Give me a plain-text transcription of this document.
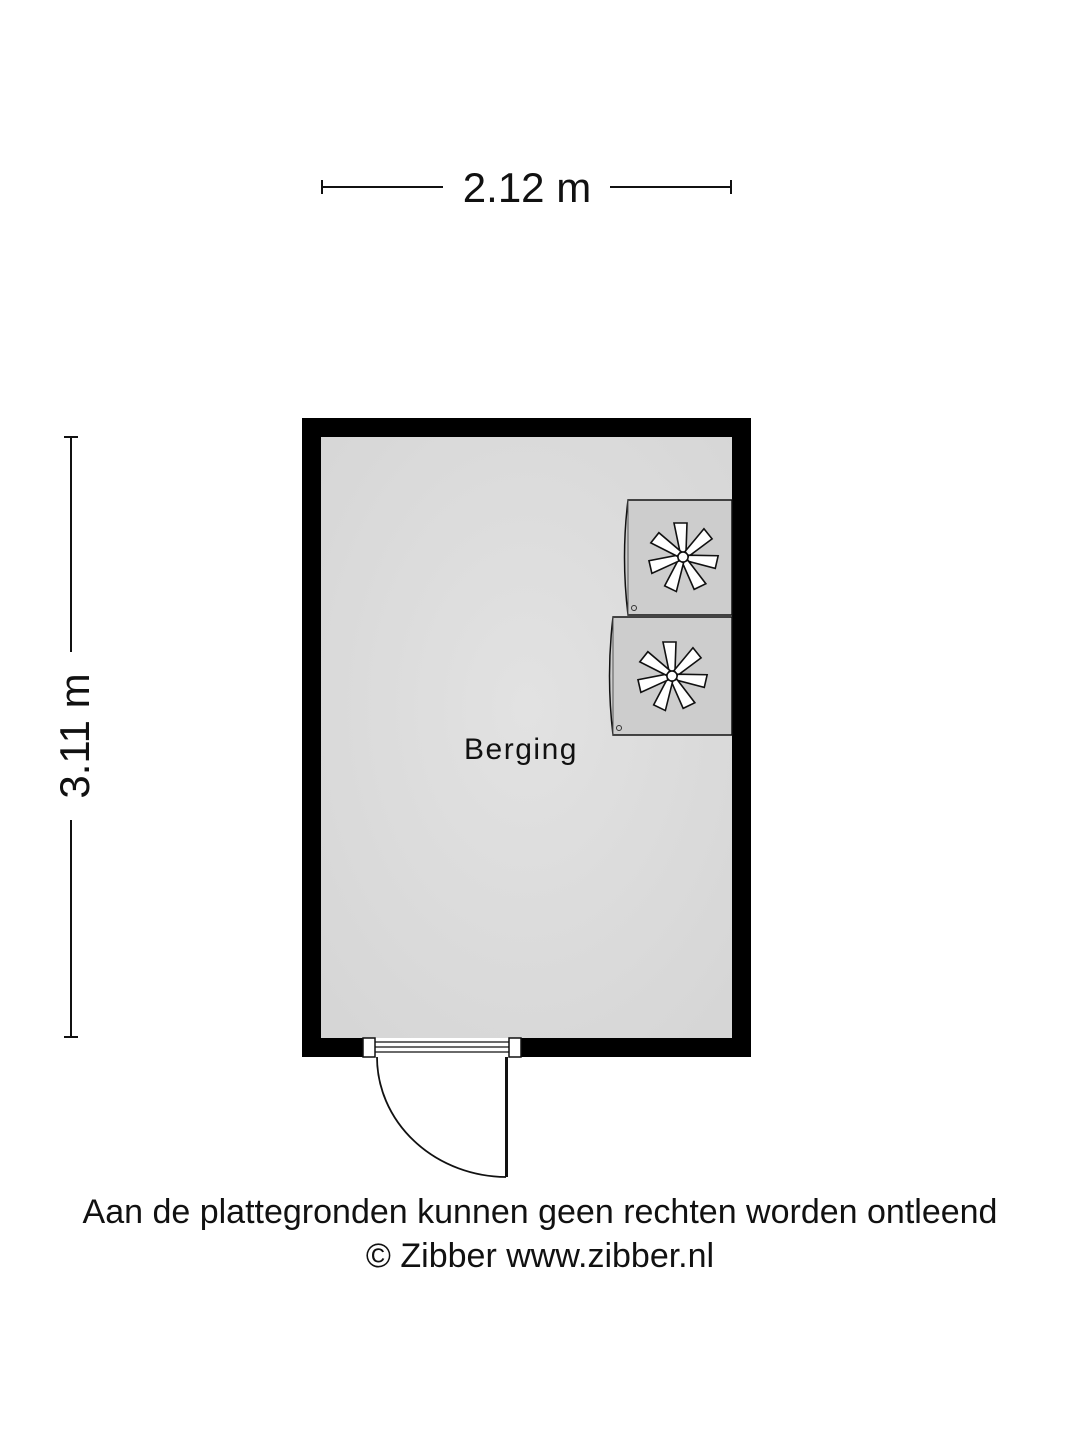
2.12 m
3.11 m	Berging
Aan de plattegronden kunnen geen rechten worden ontleend
© Zibber www.zibber.nl
